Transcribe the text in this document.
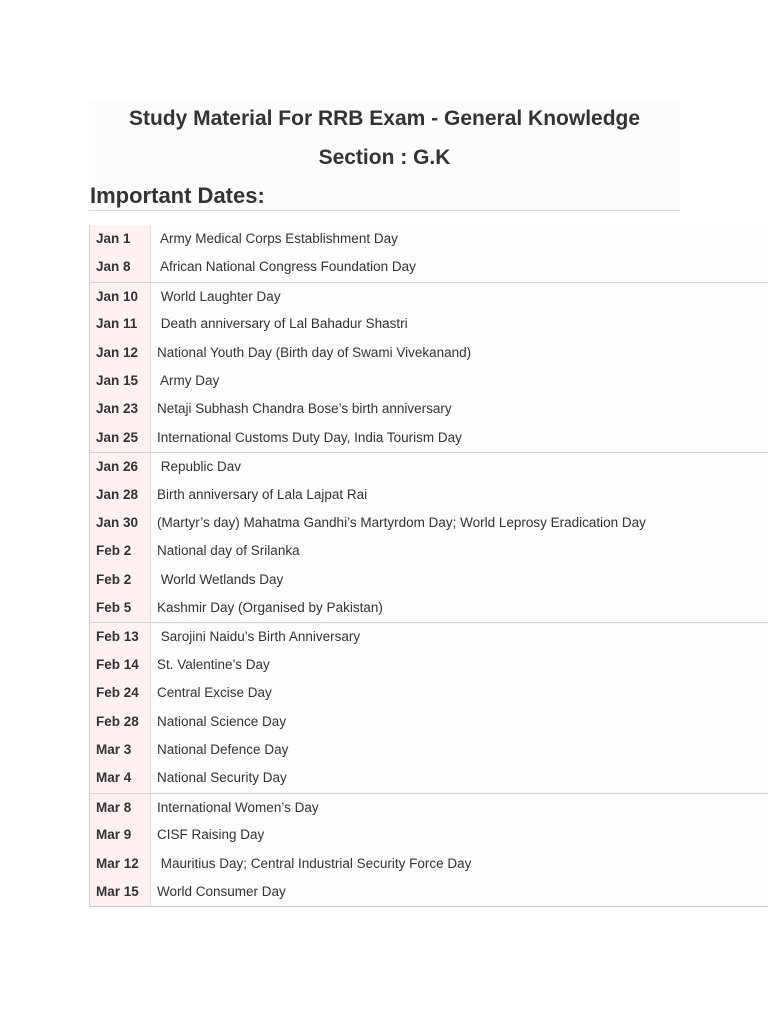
Study Material For RRB Exam - General Knowledge
Section : G.K
Important Dates:
Jan 1	Army Medical Corps Establishment Day
Jan 8	African National Congress Foundation Day
Jan 10	World Laughter Day
Jan 11	Death anniversary of Lal Bahadur Shastri
Jan 12	National Youth Day (Birth day of Swami Vivekanand)
Jan 15	Army Day
Jan 23	Netaji Subhash Chandra Bose’s birth anniversary
Jan 25	International Customs Duty Day, India Tourism Day
Jan 26	Republic Dav
Jan 28	Birth anniversary of Lala Lajpat Rai
Jan 30	(Martyr’s day) Mahatma Gandhi’s Martyrdom Day; World Leprosy Eradication Day
Feb 2	National day of Srilanka
Feb 2	World Wetlands Day
Feb 5	Kashmir Day (Organised by Pakistan)
Feb 13	Sarojini Naidu’s Birth Anniversary
Feb 14	St. Valentine’s Day
Feb 24	Central Excise Day
Feb 28	National Science Day
Mar 3	National Defence Day
Mar 4	National Security Day
Mar 8	International Women’s Day
Mar 9	CISF Raising Day
Mar 12	Mauritius Day; Central Industrial Security Force Day
Mar 15	World Consumer Day
